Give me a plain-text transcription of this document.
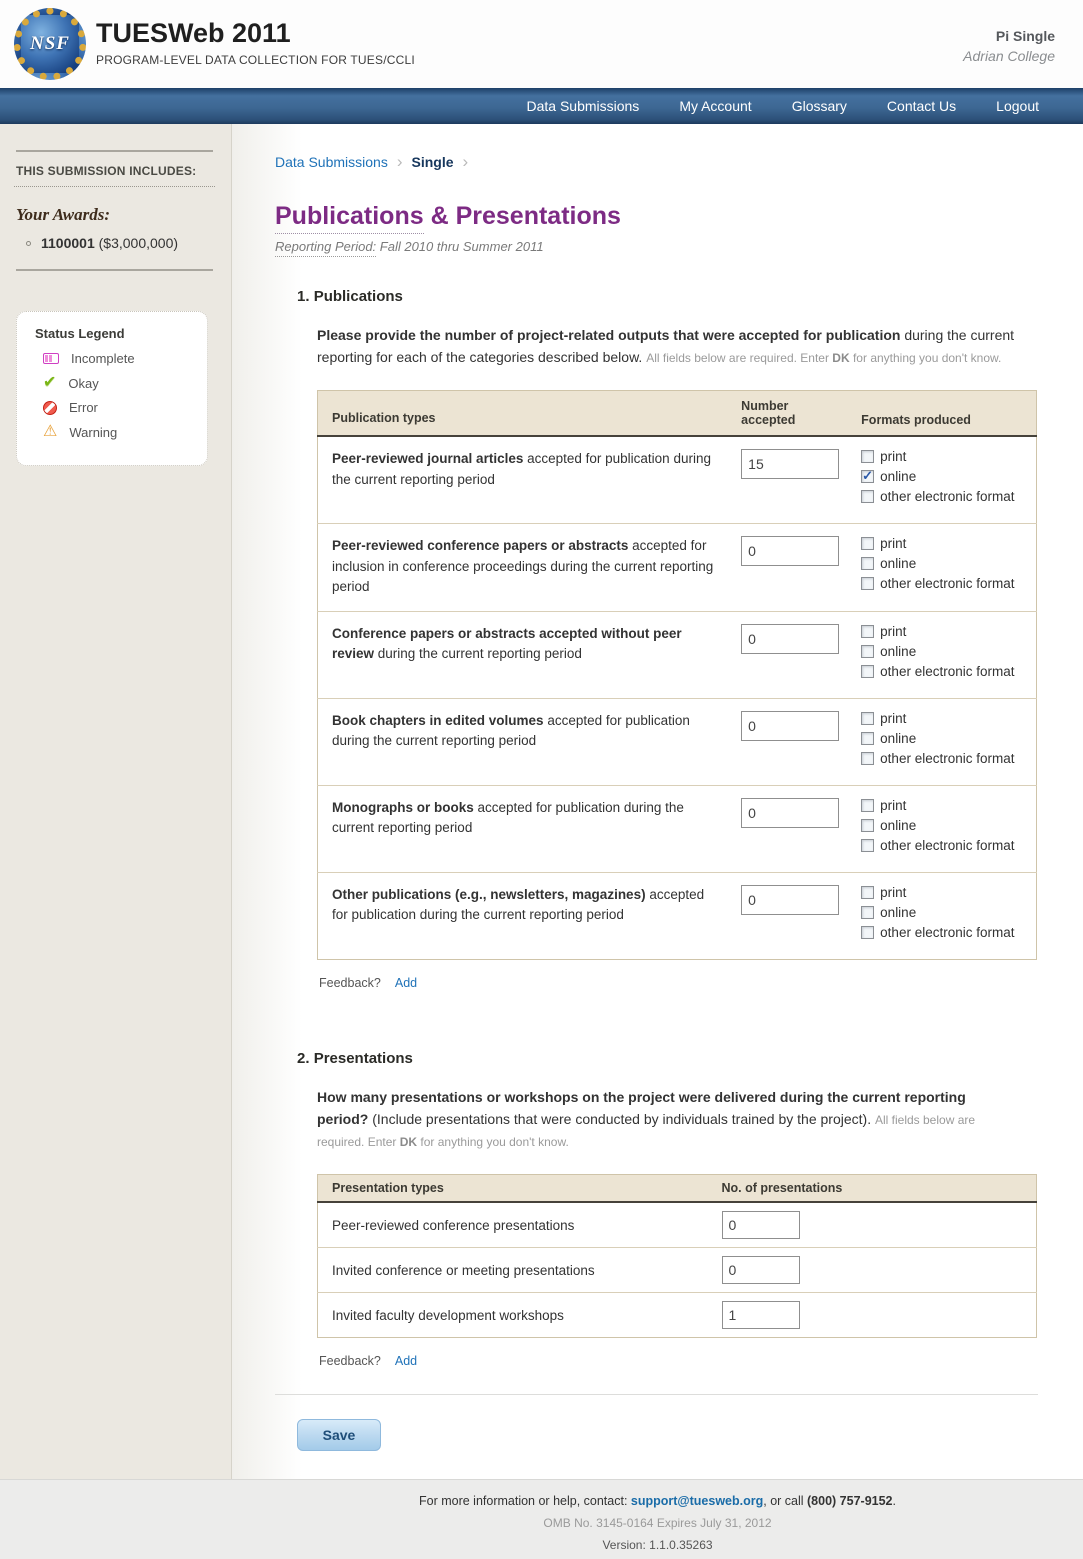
NSF TUESWeb 2011
PROGRAM-LEVEL DATA COLLECTION FOR TUES/CCLI
Pi Single
Adrian College
Data Submissions	My Account	Glossary	Contact Us	Logout
THIS SUBMISSION INCLUDES:
Your Awards:
1100001 ($3,000,000)
Status Legend
Incomplete
✔ Okay
Error
⚠ Warning
Data Submissions › Single ›
Publications & Presentations
Reporting Period: Fall 2010 thru Summer 2011
1. Publications
Please provide the number of project-related outputs that were accepted for publication during the current reporting for each of the categories described below. All fields below are required. Enter DK for anything you don't know.
Publication types	Number accepted	Formats produced
Peer-reviewed journal articles accepted for publication during the current reporting period	15	print
✓
online
other electronic format

Peer-reviewed conference papers or abstracts accepted for inclusion in conference proceedings during the current reporting period	0	print
online
other electronic format

Conference papers or abstracts accepted without peer review during the current reporting period	0	print
online
other electronic format

Book chapters in edited volumes accepted for publication during the current reporting period	0	print
online
other electronic format

Monographs or books accepted for publication during the current reporting period	0	print
online
other electronic format

Other publications (e.g., newsletters, magazines) accepted for publication during the current reporting period	0	print
online
other electronic format
Feedback? Add
2. Presentations
How many presentations or workshops on the project were delivered during the current reporting period? (Include presentations that were conducted by individuals trained by the project). All fields below are required. Enter DK for anything you don't know.
Presentation types	No. of presentations
Peer-reviewed conference presentations	0
Invited conference or meeting presentations	0
Invited faculty development workshops	1
Feedback? Add
Save
For more information or help, contact: support@tuesweb.org, or call (800) 757-9152.
OMB No. 3145-0164 Expires July 31, 2012
Version: 1.1.0.35263
